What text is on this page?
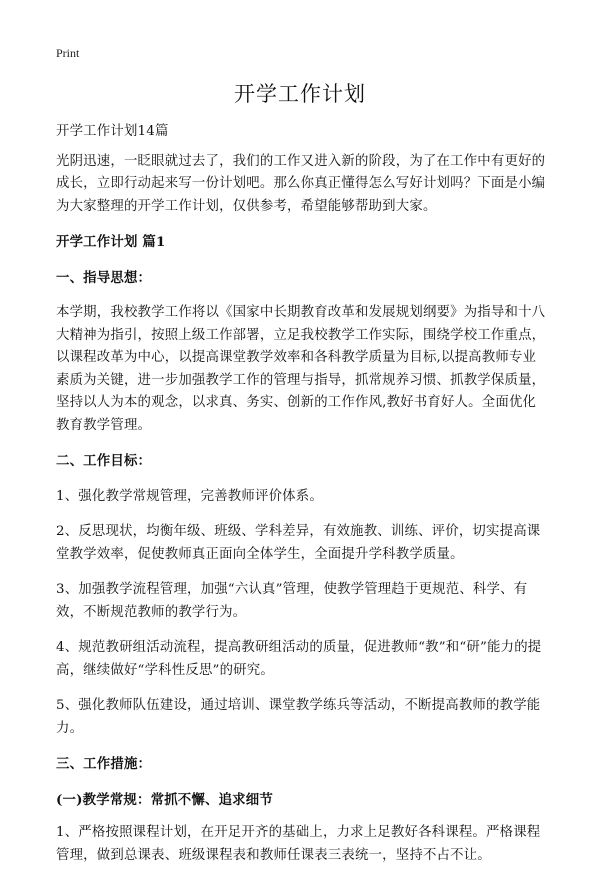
Print
开学工作计划

开学工作计划14篇

光阴迅速，一眨眼就过去了，我们的工作又进入新的阶段，为了在工作中有更好的成长，立即行动起来写一份计划吧。那么你真正懂得怎么写好计划吗？下面是小编为大家整理的开学工作计划，仅供参考，希望能够帮助到大家。

开学工作计划 篇1

一、指导思想：

本学期，我校教学工作将以《国家中长期教育改革和发展规划纲要》为指导和十八大精神为指引，按照上级工作部署，立足我校教学工作实际，围绕学校工作重点，以课程改革为中心，以提高课堂教学效率和各科教学质量为目标,以提高教师专业素质为关键，进一步加强教学工作的管理与指导，抓常规养习惯、抓教学保质量，坚持以人为本的观念，以求真、务实、创新的工作作风,教好书育好人。全面优化教育教学管理。

二、工作目标：

1、强化教学常规管理，完善教师评价体系。

2、反思现状，均衡年级、班级、学科差异，有效施教、训练、评价，切实提高课堂教学效率，促使教师真正面向全体学生，全面提升学科教学质量。

3、加强教学流程管理，加强“六认真”管理，使教学管理趋于更规范、科学、有效，不断规范教师的教学行为。

4、规范教研组活动流程，提高教研组活动的质量，促进教师“教”和“研”能力的提高，继续做好“学科性反思”的研究。

5、强化教师队伍建设，通过培训、课堂教学练兵等活动，不断提高教师的教学能力。

三、工作措施：

(一)教学常规：常抓不懈、追求细节

1、严格按照课程计划，在开足开齐的基础上，力求上足教好各科课程。严格课程管理，做到总课表、班级课程表和教师任课表三表统一，坚持不占不让。
